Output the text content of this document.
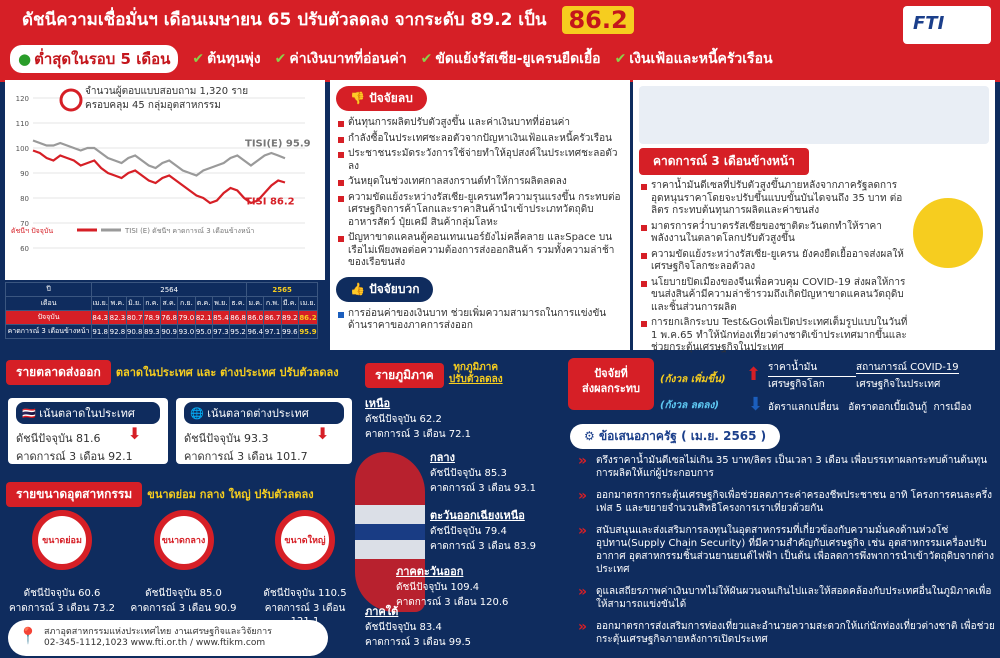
ดัชนีความเชื่อมั่นฯ เดือนเมษายน 65 ปรับตัวลดลง จากระดับ 89.2 เป็น 86.2	FTI
● ต่ำสุดในรอบ 5 เดือน	✔ ต้นทุนพุ่ง ✔ ค่าเงินบาทที่อ่อนค่า ✔ ขัดแย้งรัสเซีย-ยูเครนยืดเยื้อ ✔ เงินเฟ้อและหนี้ครัวเรือน
120
110
100
90
80
70
60
TISI 86.2
TISI(E) 95.9
จำนวนผู้ตอบแบบสอบถาม 1,320 ราย
ครอบคลุม 45 กลุ่มอุตสาหกรรม
ดัชนีฯ ปัจจุบัน	TISI (E) ดัชนีฯ คาดการณ์ 3 เดือนข้างหน้า
ปี	2564									2565			
เดือน	เม.ย.	พ.ค.	มิ.ย.	ก.ค.	ส.ค.	ก.ย.	ต.ค.	พ.ย.	ธ.ค.	ม.ค.	ก.พ.	มี.ค.	เม.ย.
ปัจจุบัน	84.3	82.3	80.7	78.9	76.8	79.0	82.1	85.4	86.8	86.0	86.7	89.2	86.2
คาดการณ์ 3 เดือนข้างหน้า	91.8	92.8	90.8	89.3	90.9	93.0	95.0	97.3	95.2	96.4	97.1	99.6	95.9
👎 ปัจจัยลบ
ต้นทุนการผลิตปรับตัวสูงขึ้น และค่าเงินบาทที่อ่อนค่า
กำลังซื้อในประเทศชะลอตัวจากปัญหาเงินเฟ้อและหนี้ครัวเรือน
ประชาชนระมัดระวังการใช้จ่ายทำให้อุปสงค์ในประเทศชะลอตัวลง
วันหยุดในช่วงเทศกาลสงกรานต์ทำให้การผลิตลดลง
ความขัดแย้งระหว่างรัสเซีย-ยูเครนทวีความรุนแรงขึ้น กระทบต่อเศรษฐกิจการค้าโลกและราคาสินค้านำเข้าประเภทวัตถุดิบ อาหารสัตว์ ปุ๋ยเคมี สินค้ากลุ่มโลหะ
ปัญหาขาดแคลนตู้คอนเทนเนอร์ยังไม่คลี่คลาย และSpace บนเรือไม่เพียงพอต่อความต้องการส่งออกสินค้า รวมทั้งความล่าช้าของเรือขนส่ง
👍 ปัจจัยบวก
การอ่อนค่าของเงินบาท ช่วยเพิ่มความสามารถในการแข่งขันด้านราคาของภาคการส่งออก
คาดการณ์ 3 เดือนข้างหน้า
ราคาน้ำมันดีเซลที่ปรับตัวสูงขึ้นภายหลังจากภาครัฐลดการอุดหนุนราคาโดยจะปรับขึ้นแบบขั้นบันไดจนถึง 35 บาท ต่อลิตร กระทบต้นทุนการผลิตและค่าขนส่ง
มาตรการคว่ำบาตรรัสเซียของชาติตะวันตกทำให้ราคาพลังงานในตลาดโลกปรับตัวสูงขึ้น
ความขัดแย้งระหว่างรัสเซีย-ยูเครน ยังคงยืดเยื้ออาจส่งผลให้เศรษฐกิจโลกชะลอตัวลง
นโยบายปิดเมืองของจีนเพื่อควบคุม COVID-19 ส่งผลให้การขนส่งสินค้ามีความล่าช้ารวมถึงเกิดปัญหาขาดแคลนวัตถุดิบและชิ้นส่วนการผลิต
การยกเลิกระบบ Test&Goเพื่อเปิดประเทศเต็มรูปแบบในวันที่ 1 พ.ค.65 ทำให้นักท่องเที่ยวต่างชาติเข้าประเทศมากขึ้นและช่วยกระตุ้นเศรษฐกิจในประเทศ
รายตลาดส่งออก ตลาดในประเทศ และ ต่างประเทศ ปรับตัวลดลง
🇹🇭 เน้นตลาดในประเทศ
ดัชนีปัจจุบัน 81.6
คาดการณ์ 3 เดือน 92.1
⬇
🌐 เน้นตลาดต่างประเทศ
ดัชนีปัจจุบัน 93.3
คาดการณ์ 3 เดือน 101.7
⬇
รายขนาดอุตสาหกรรม ขนาดย่อม กลาง ใหญ่ ปรับตัวลดลง
ขนาดย่อม
ดัชนีปัจจุบัน 60.6
คาดการณ์ 3 เดือน 73.2
ขนาดกลาง
ดัชนีปัจจุบัน 85.0
คาดการณ์ 3 เดือน 90.9
ขนาดใหญ่
ดัชนีปัจจุบัน 110.5
คาดการณ์ 3 เดือน
รายภูมิภาค ทุกภูมิภาค
ปรับตัวลดลง
เหนือ
ดัชนีปัจจุบัน 62.2
คาดการณ์ 3 เดือน 72.1
กลาง
ดัชนีปัจจุบัน 85.3
คาดการณ์ 3 เดือน 93.1
ตะวันออกเฉียงเหนือ
ดัชนีปัจจุบัน 79.4
คาดการณ์ 3 เดือน 83.9
ภาคตะวันออก
ดัชนีปัจจุบัน 109.4
คาดการณ์ 3 เดือน 120.6
ภาคใต้
ดัชนีปัจจุบัน 83.4
คาดการณ์ 3 เดือน 99.5
ปัจจัยที่
ส่งผลกระทบ
(กังวล เพิ่มขึ้น) ⬆ ราคาน้ำมัน	สถานการณ์ COVID-19
เศรษฐกิจโลก	เศรษฐกิจในประเทศ
(กังวล ลดลง) ⬇ อัตราแลกเปลี่ยน อัตราดอกเบี้ยเงินกู้ การเมือง
⚙ ข้อเสนอภาครัฐ ( เม.ย. 2565 )
» ตรึงราคาน้ำมันดีเซลไม่เกิน 35 บาท/ลิตร เป็นเวลา 3 เดือน เพื่อบรรเทาผลกระทบด้านต้นทุนการผลิตให้แก่ผู้ประกอบการ
» ออกมาตรการกระตุ้นเศรษฐกิจเพื่อช่วยลดภาระค่าครองชีพประชาชน อาทิ โครงการคนละครึ่งเฟส 5 และขยายจำนวนสิทธิโครงการเราเที่ยวด้วยกัน
» สนับสนุนและส่งเสริมการลงทุนในอุตสาหกรรมที่เกี่ยวข้องกับความมั่นคงด้านห่วงโซ่อุปทาน(Supply Chain Security) ที่มีความสำคัญกับเศรษฐกิจ เช่น อุตสาหกรรมเครื่องปรับอากาศ อุตสาหกรรมชิ้นส่วนยานยนต์ไฟฟ้า เป็นต้น เพื่อลดการพึ่งพาการนำเข้าวัตถุดิบจากต่างประเทศ
» ดูแลเสถียรภาพค่าเงินบาทไม่ให้ผันผวนจนเกินไปและให้สอดคล้องกับประเทศอื่นในภูมิภาคเพื่อให้สามารถแข่งขันได้
» ออกมาตรการส่งเสริมการท่องเที่ยวและอำนวยความสะดวกให้แก่นักท่องเที่ยวต่างชาติ เพื่อช่วยกระตุ้นเศรษฐกิจภายหลังการเปิดประเทศ
📍 สภาอุตสาหกรรมแห่งประเทศไทย งานเศรษฐกิจและวิจัยการ
02-345-1112,1023 www.fti.or.th / www.ftikm.com
